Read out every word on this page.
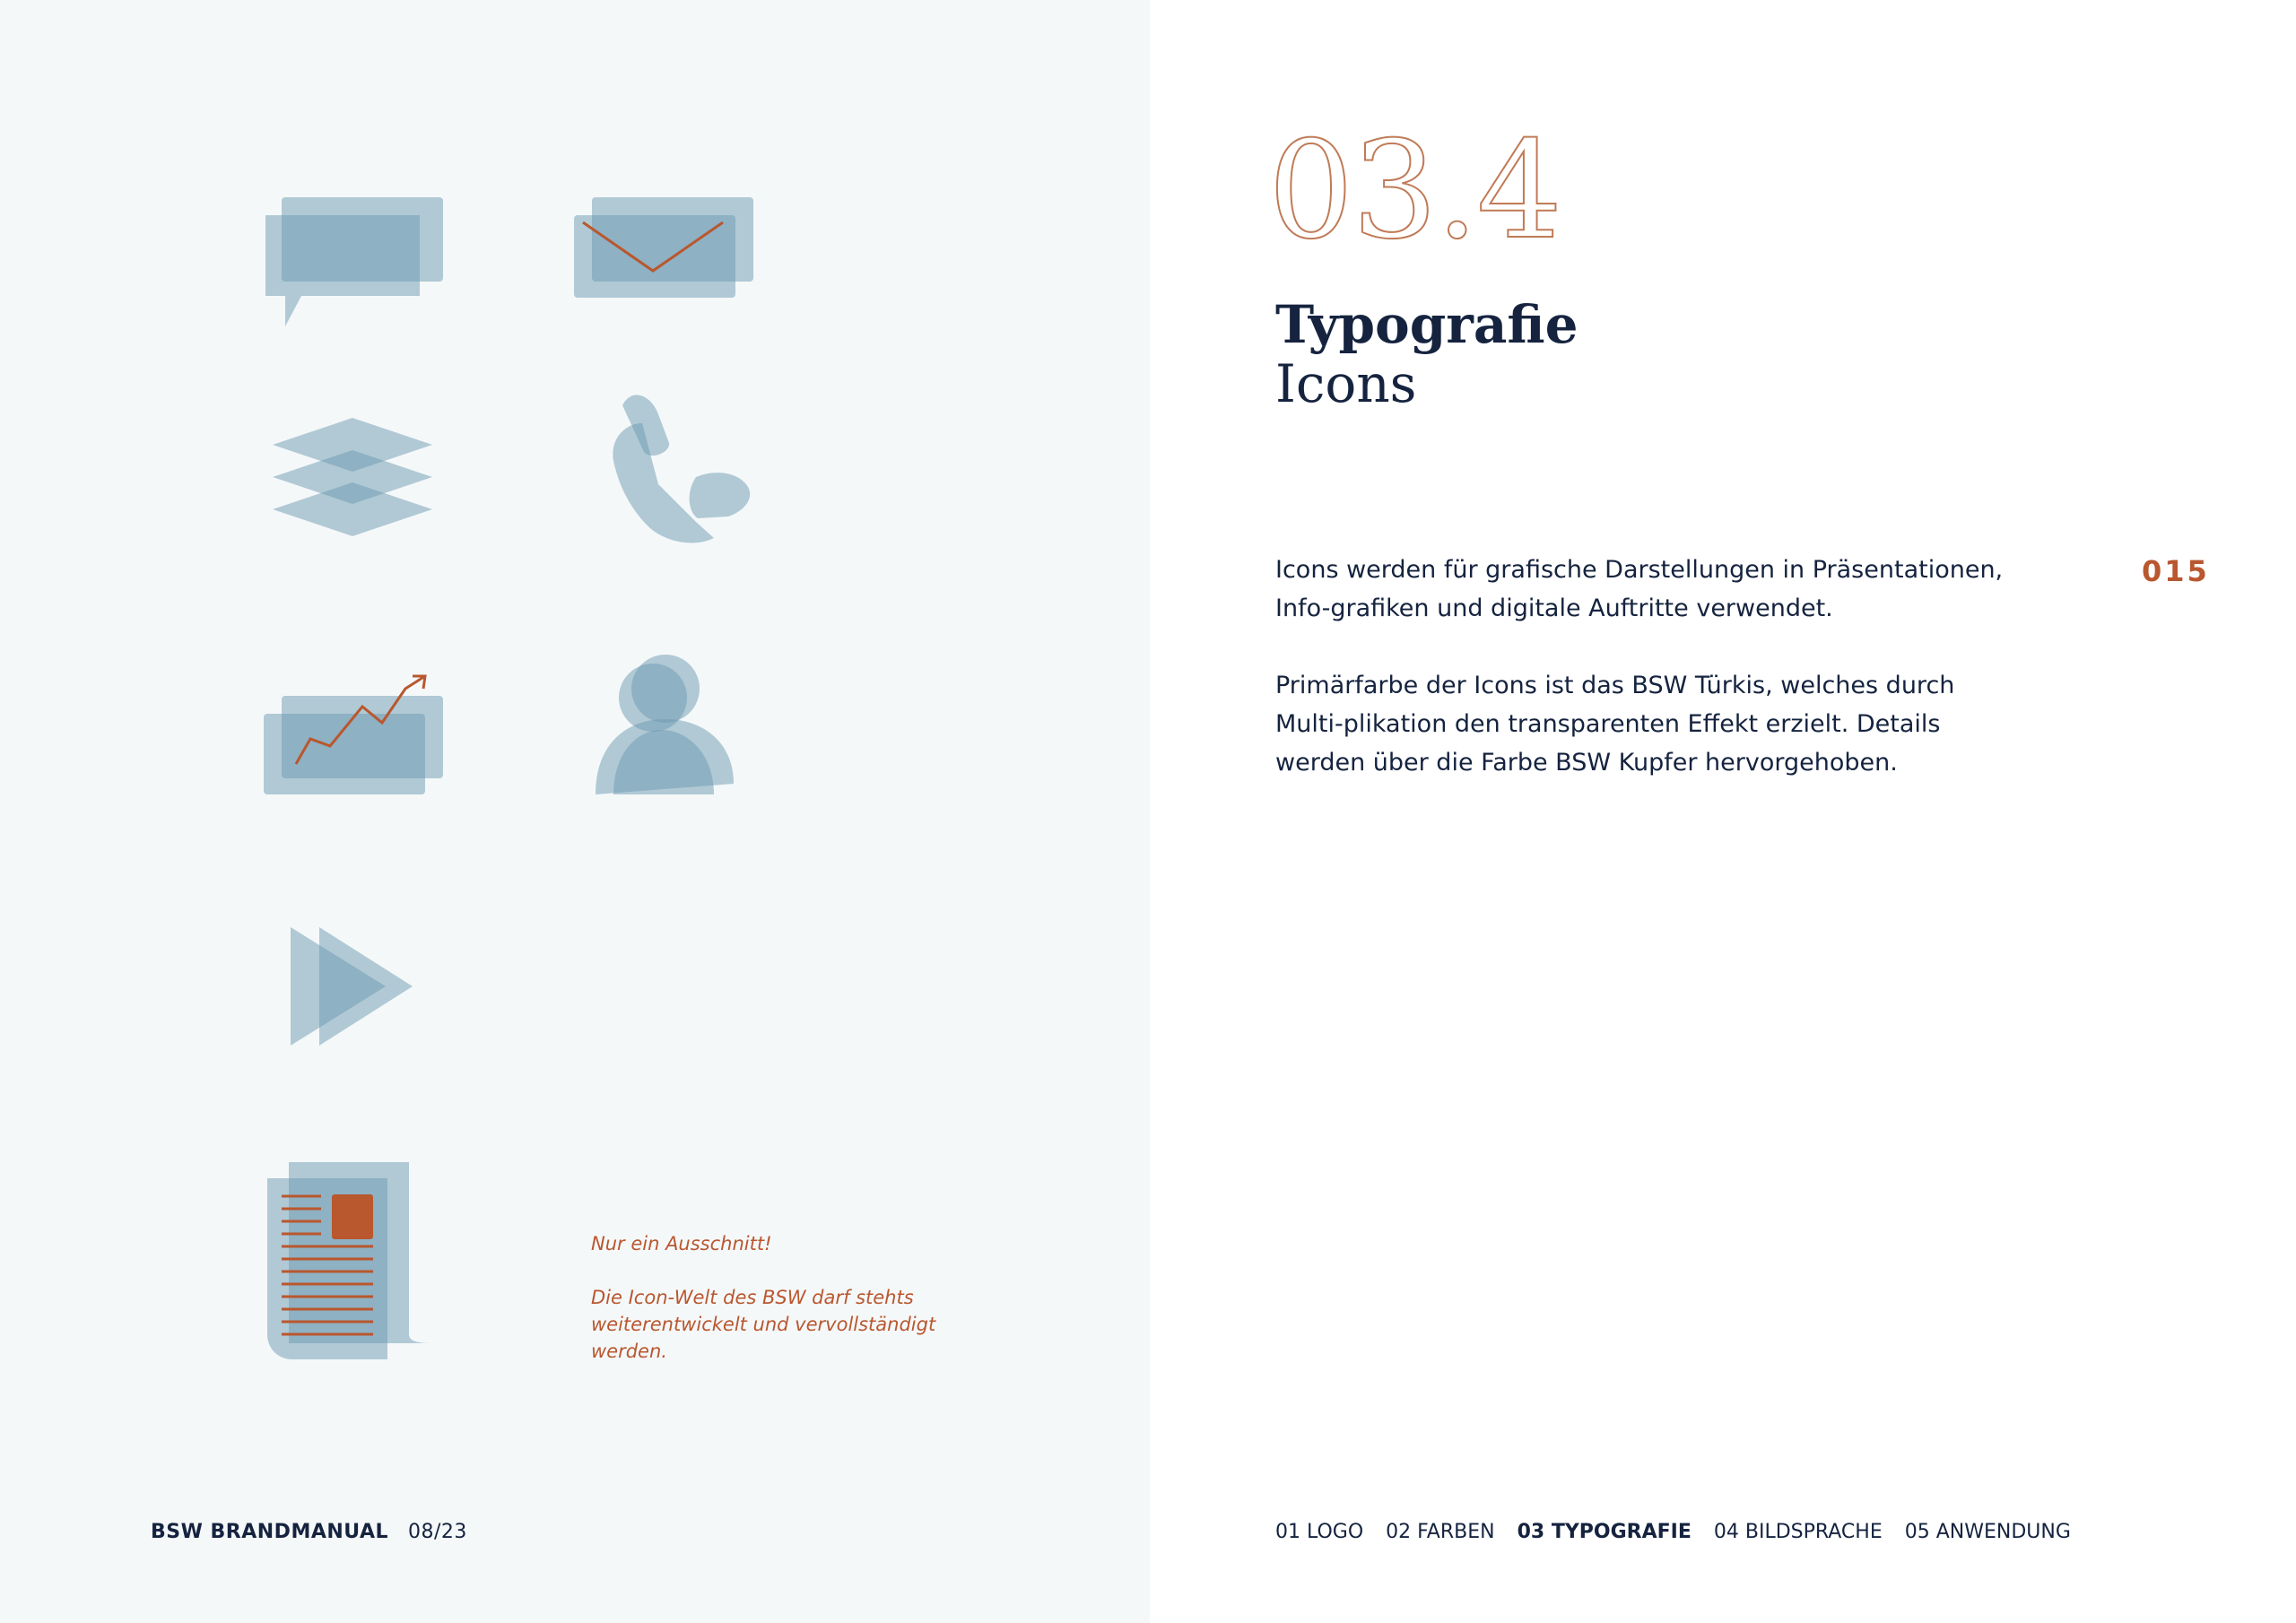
Nur ein Ausschnitt!

Die Icon-Welt des BSW darf stehts weiterentwickelt und vervollständigt werden.

BSW BRANDMANUAL 08/23
03.4
Typografie
Icons

Icons werden für grafische Darstellungen in Präsentationen, Info-grafiken und digitale Auftritte verwendet.

Primärfarbe der Icons ist das BSW Türkis, welches durch Multi-plikation den transparenten Effekt erzielt. Details werden über die Farbe BSW Kupfer hervorgehoben.

015
01 LOGO 02 FARBEN 03 TYPOGRAFIE 04 BILDSPRACHE 05 ANWENDUNG
